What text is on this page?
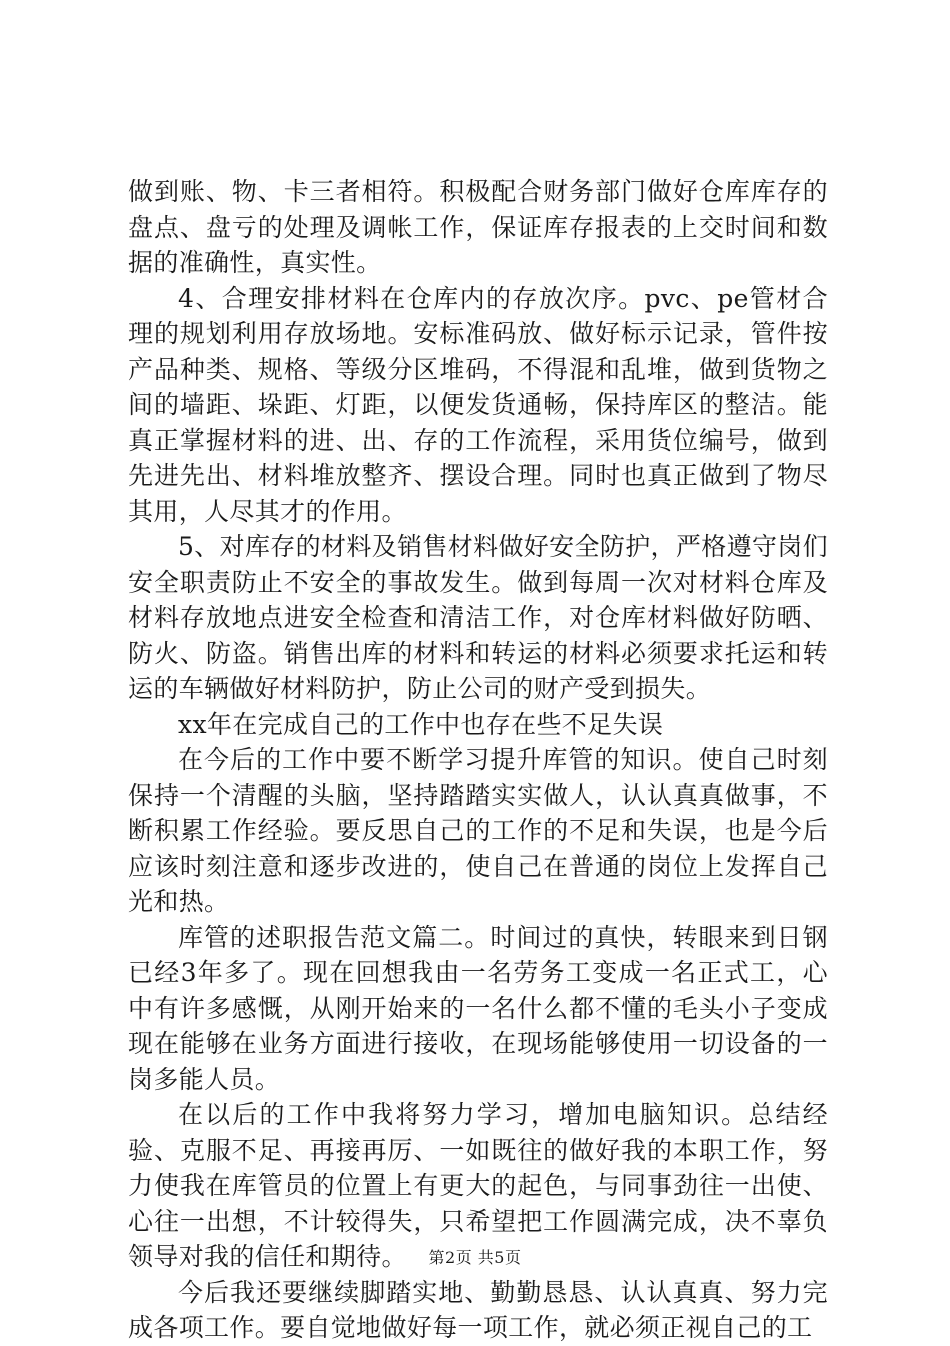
做到账、物、卡三者相符。积极配合财务部门做好仓库库存的盘点、盘亏的处理及调帐工作，保证库存报表的上交时间和数据的准确性，真实性。

4、合理安排材料在仓库内的存放次序。pvc、pe管材合理的规划利用存放场地。安标准码放、做好标示记录，管件按产品种类、规格、等级分区堆码，不得混和乱堆，做到货物之间的墙距、垛距、灯距，以便发货通畅，保持库区的整洁。能真正掌握材料的进、出、存的工作流程，采用货位编号，做到先进先出、材料堆放整齐、摆设合理。同时也真正做到了物尽其用，人尽其才的作用。

5、对库存的材料及销售材料做好安全防护，严格遵守岗们安全职责防止不安全的事故发生。做到每周一次对材料仓库及材料存放地点进安全检查和清洁工作，对仓库材料做好防晒、防火、防盗。销售出库的材料和转运的材料必须要求托运和转运的车辆做好材料防护，防止公司的财产受到损失。

xx年在完成自己的工作中也存在些不足失误

在今后的工作中要不断学习提升库管的知识。使自己时刻保持一个清醒的头脑，坚持踏踏实实做人，认认真真做事，不断积累工作经验。要反思自己的工作的不足和失误，也是今后应该时刻注意和逐步改进的，使自己在普通的岗位上发挥自己光和热。

库管的述职报告范文篇二。时间过的真快，转眼来到日钢已经3年多了。现在回想我由一名劳务工变成一名正式工，心中有许多感慨，从刚开始来的一名什么都不懂的毛头小子变成现在能够在业务方面进行接收，在现场能够使用一切设备的一岗多能人员。

在以后的工作中我将努力学习，增加电脑知识。总结经验、克服不足、再接再厉、一如既往的做好我的本职工作，努力使我在库管员的位置上有更大的起色，与同事劲往一出使、心往一出想，不计较得失，只希望把工作圆满完成，决不辜负领导对我的信任和期待。

今后我还要继续脚踏实地、勤勤恳恳、认认真真、努力完成各项工作。要自觉地做好每一项工作，就必须正视自己的工

第2页 共5页
